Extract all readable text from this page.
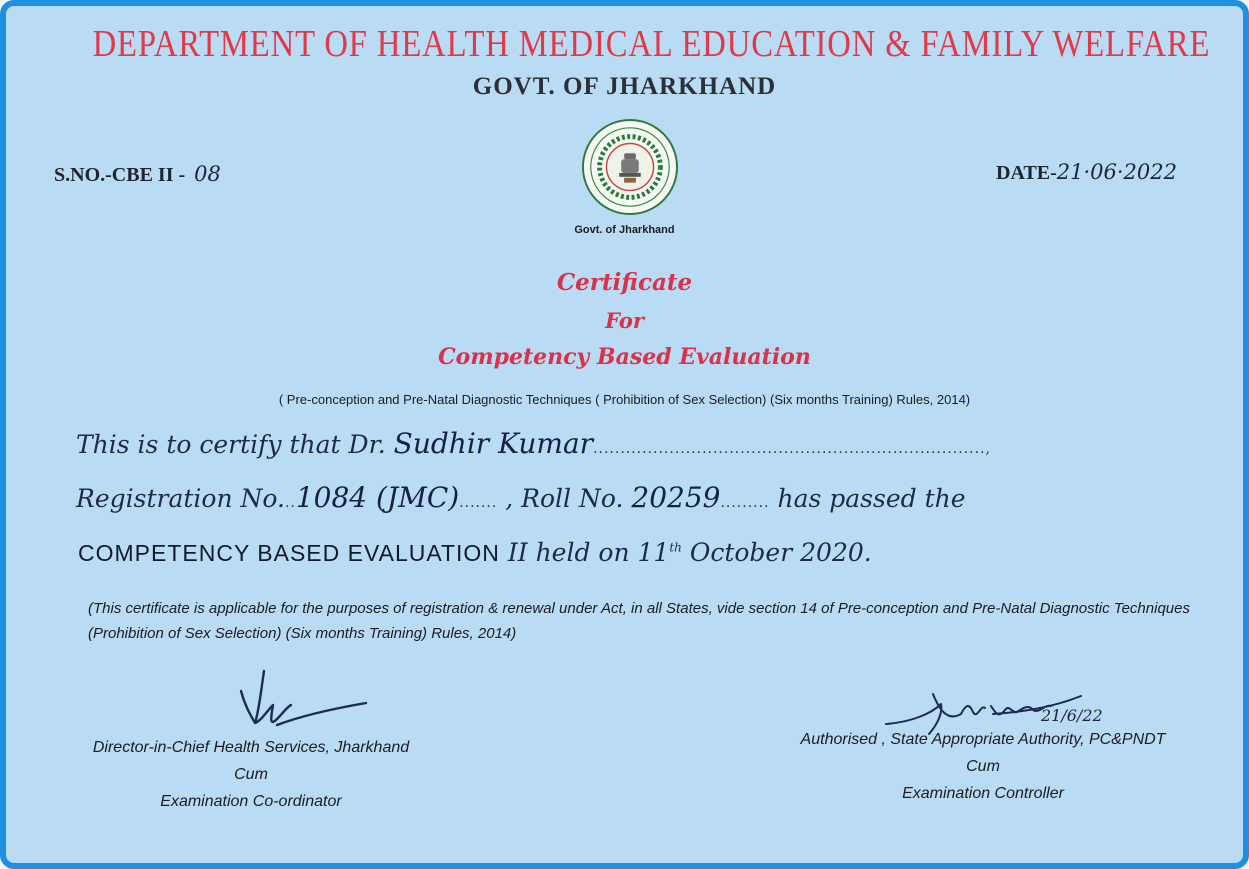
DEPARTMENT OF HEALTH MEDICAL EDUCATION & FAMILY WELFARE
GOVT. OF JHARKHAND
S.NO.-CBE II - 08	DATE-21·06·2022
Govt. of Jharkhand
Certificate
For
Competency Based Evaluation
( Pre-conception and Pre-Natal Diagnostic Techniques ( Prohibition of Sex Selection) (Six months Training) Rules, 2014)
This is to certify that Dr. Sudhir Kumar........................................................................,
Registration No...1084 (JMC)....... , Roll No. 20259......... has passed the
COMPETENCY BASED EVALUATION II held on 11th October 2020.
(This certificate is applicable for the purposes of registration & renewal under Act, in all States, vide section 14 of Pre-conception and Pre-Natal Diagnostic Techniques (Prohibition of Sex Selection) (Six months Training) Rules, 2014)
21/6/22
Director-in-Chief Health Services, Jharkhand
Cum
Examination Co-ordinator
Authorised , State Appropriate Authority, PC&PNDT
Cum
Examination Controller
